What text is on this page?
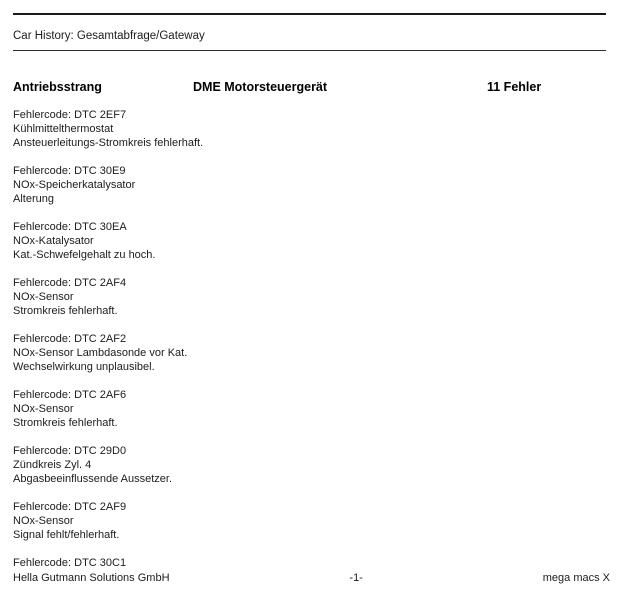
Car History: Gesamtabfrage/Gateway
Antriebsstrang	DME Motorsteuergerät	11 Fehler
Fehlercode: DTC 2EF7
Kühlmittelthermostat
Ansteuerleitungs-Stromkreis fehlerhaft.
Fehlercode: DTC 30E9
NOx-Speicherkatalysator
Alterung
Fehlercode: DTC 30EA
NOx-Katalysator
Kat.-Schwefelgehalt zu hoch.
Fehlercode: DTC 2AF4
NOx-Sensor
Stromkreis fehlerhaft.
Fehlercode: DTC 2AF2
NOx-Sensor Lambdasonde vor Kat.
Wechselwirkung unplausibel.
Fehlercode: DTC 2AF6
NOx-Sensor
Stromkreis fehlerhaft.
Fehlercode: DTC 29D0
Zündkreis Zyl. 4
Abgasbeeinflussende Aussetzer.
Fehlercode: DTC 2AF9
NOx-Sensor
Signal fehlt/fehlerhaft.
Fehlercode: DTC 30C1
Hella Gutmann Solutions GmbH	-1-	mega macs X
